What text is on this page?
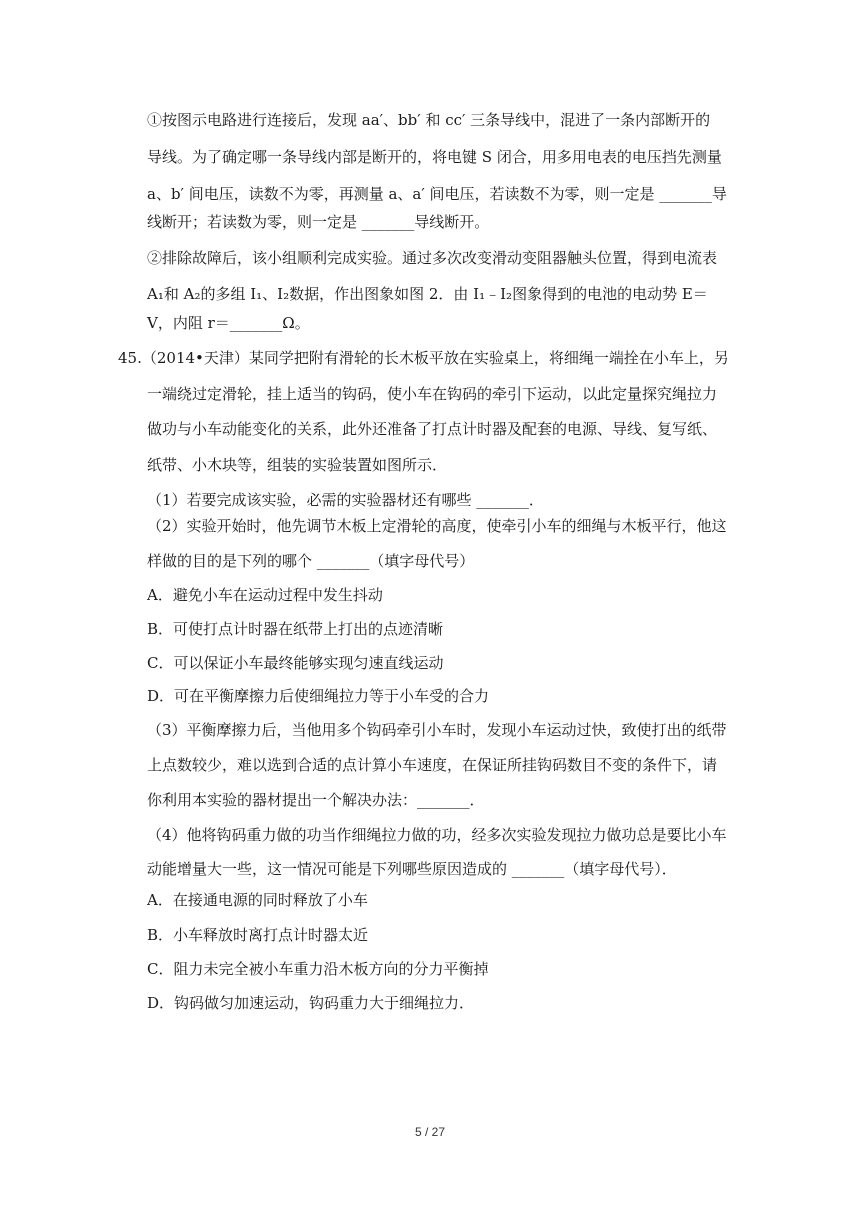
①按图示电路进行连接后，发现 aa′、bb′ 和 cc′ 三条导线中，混进了一条内部断开的
导线。为了确定哪一条导线内部是断开的，将电键 S 闭合，用多用电表的电压挡先测量
a、b′ 间电压，读数不为零，再测量 a、a′ 间电压，若读数不为零，则一定是 _______导
线断开；若读数为零，则一定是 _______导线断开。
②排除故障后，该小组顺利完成实验。通过多次改变滑动变阻器触头位置，得到电流表
A₁和 A₂的多组 I₁、I₂数据，作出图象如图 2．由 I₁﹣I₂图象得到的电池的电动势 E＝
V，内阻 r＝_______Ω。
45.（2014•天津）某同学把附有滑轮的长木板平放在实验桌上，将细绳一端拴在小车上，另
一端绕过定滑轮，挂上适当的钩码，使小车在钩码的牵引下运动，以此定量探究绳拉力
做功与小车动能变化的关系，此外还准备了打点计时器及配套的电源、导线、复写纸、
纸带、小木块等，组装的实验装置如图所示．
（1）若要完成该实验，必需的实验器材还有哪些 _______．
（2）实验开始时，他先调节木板上定滑轮的高度，使牵引小车的细绳与木板平行，他这
样做的目的是下列的哪个 _______（填字母代号）
A．避免小车在运动过程中发生抖动
B．可使打点计时器在纸带上打出的点迹清晰
C．可以保证小车最终能够实现匀速直线运动
D．可在平衡摩擦力后使细绳拉力等于小车受的合力
（3）平衡摩擦力后，当他用多个钩码牵引小车时，发现小车运动过快，致使打出的纸带
上点数较少，难以选到合适的点计算小车速度，在保证所挂钩码数目不变的条件下，请
你利用本实验的器材提出一个解决办法：_______．
（4）他将钩码重力做的功当作细绳拉力做的功，经多次实验发现拉力做功总是要比小车
动能增量大一些，这一情况可能是下列哪些原因造成的 _______（填字母代号）．
A．在接通电源的同时释放了小车
B．小车释放时离打点计时器太近
C．阻力未完全被小车重力沿木板方向的分力平衡掉
D．钩码做匀加速运动，钩码重力大于细绳拉力．
5 / 27
